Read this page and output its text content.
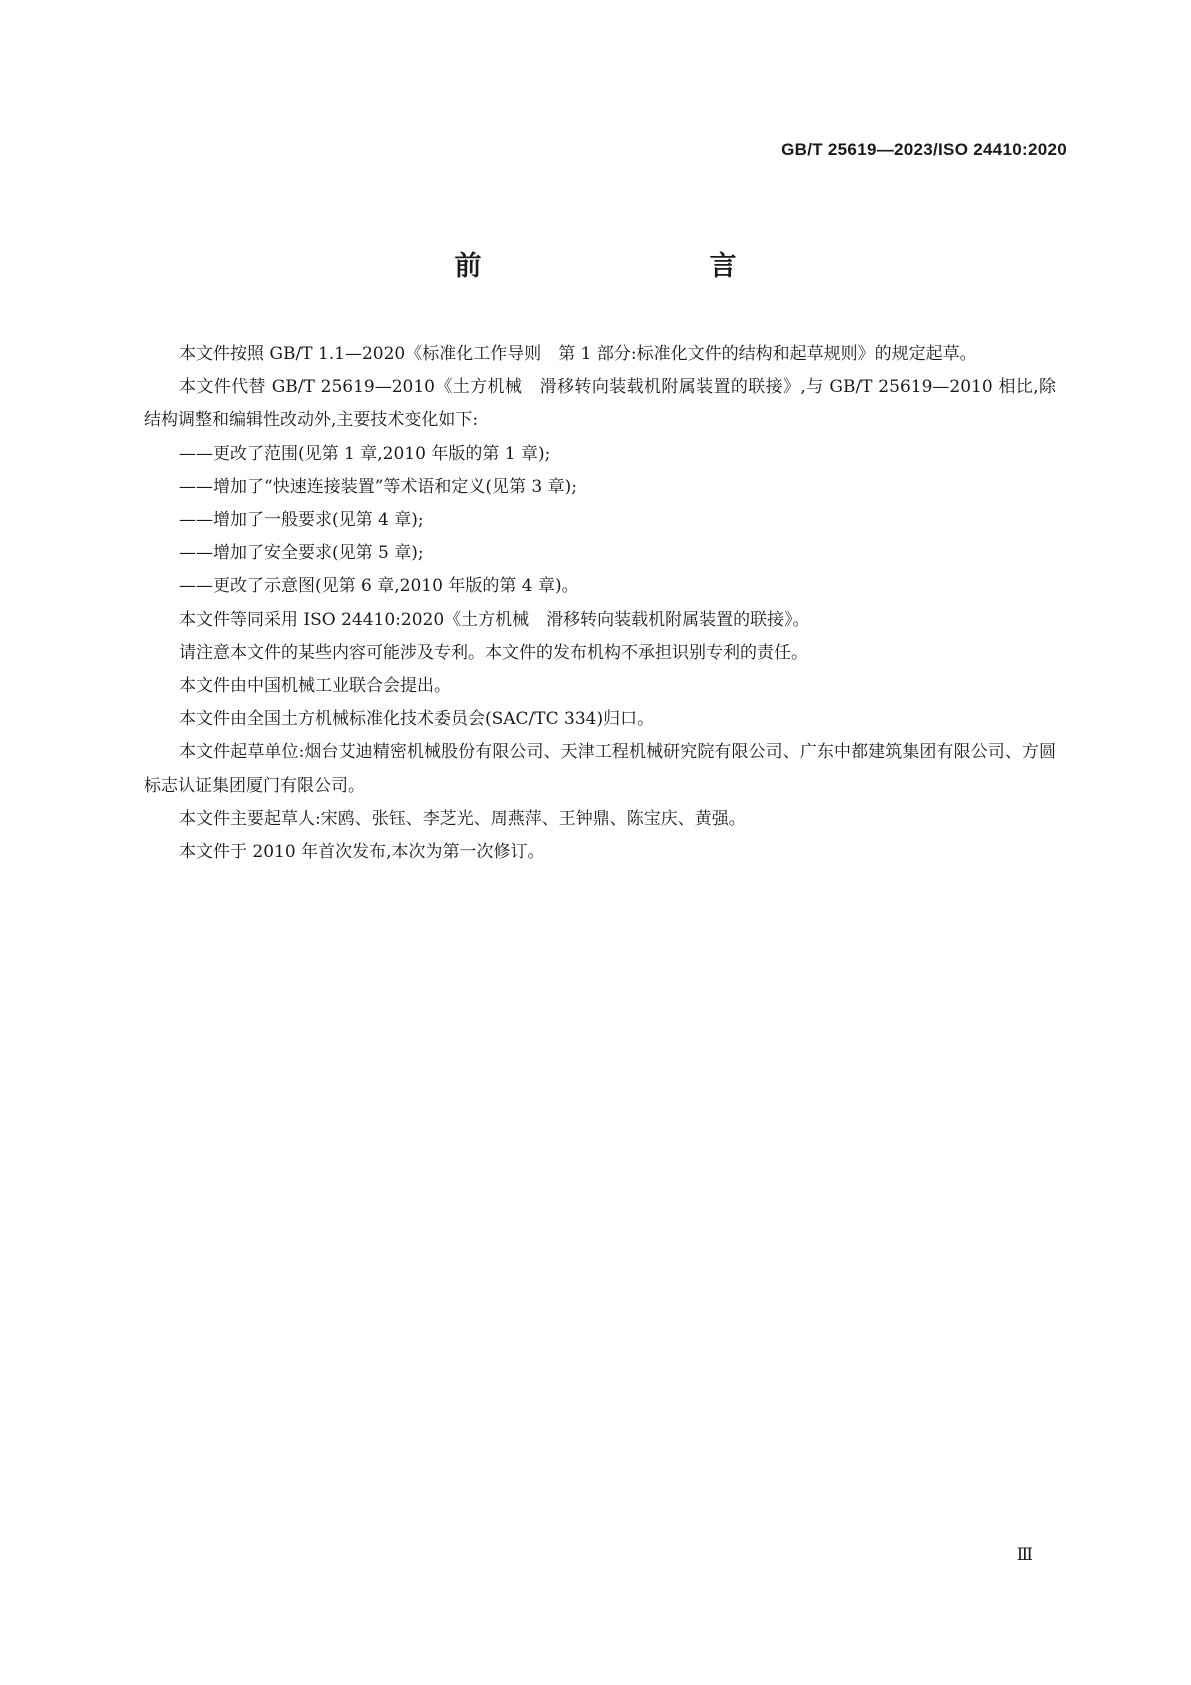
GB/T 25619—2023/ISO 24410:2020
前　　言

本文件按照 GB/T 1.1—2020《标准化工作导则　第 1 部分:标准化文件的结构和起草规则》的规定起草。

本文件代替 GB/T 25619—2010《土方机械　滑移转向装载机附属装置的联接》,与 GB/T 25619—2010 相比,除结构调整和编辑性改动外,主要技术变化如下:

——更改了范围(见第 1 章,2010 年版的第 1 章);

——增加了“快速连接装置”等术语和定义(见第 3 章);

——增加了一般要求(见第 4 章);

——增加了安全要求(见第 5 章);

——更改了示意图(见第 6 章,2010 年版的第 4 章)。

本文件等同采用 ISO 24410:2020《土方机械　滑移转向装载机附属装置的联接》。

请注意本文件的某些内容可能涉及专利。本文件的发布机构不承担识别专利的责任。

本文件由中国机械工业联合会提出。

本文件由全国土方机械标准化技术委员会(SAC/TC 334)归口。

本文件起草单位:烟台艾迪精密机械股份有限公司、天津工程机械研究院有限公司、广东中都建筑集团有限公司、方圆标志认证集团厦门有限公司。

本文件主要起草人:宋鸥、张钰、李芝光、周燕萍、王钟鼎、陈宝庆、黄强。

本文件于 2010 年首次发布,本次为第一次修订。

Ⅲ
